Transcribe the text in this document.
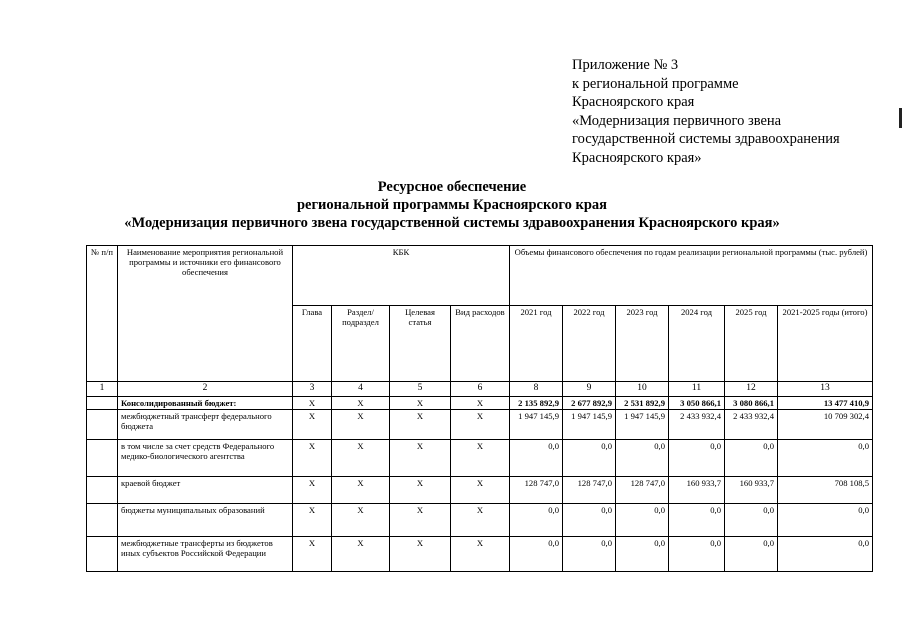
Приложение № 3
к региональной программе
Красноярского края
«Модернизация первичного звена
государственной системы здравоохранения
Красноярского края»
Ресурсное обеспечение
региональной программы Красноярского края
«Модернизация первичного звена государственной системы здравоохранения Красноярского края»
№ п/п	Наименование мероприятия региональной программы и источники его финансового обеспечения	КБК				Объемы финансового обеспечения по годам реализации региональной программы (тыс. рублей)					
		Глава	Раздел/ подраздел	Целевая статья	Вид расходов	2021 год	2022 год	2023 год	2024 год	2025 год	2021-2025 годы (итого)
1	2	3	4	5	6	8	9	10	11	12	13
	Консолидированный бюджет:	X	X	X	X	2 135 892,9	2 677 892,9	2 531 892,9	3 050 866,1	3 080 866,1	13 477 410,9
	межбюджетный трансферт федерального бюджета	X	X	X	X	1 947 145,9	1 947 145,9	1 947 145,9	2 433 932,4	2 433 932,4	10 709 302,4
	в том числе за счет средств Федерального медико-биологического агентства	X	X	X	X	0,0	0,0	0,0	0,0	0,0	0,0
	краевой бюджет	X	X	X	X	128 747,0	128 747,0	128 747,0	160 933,7	160 933,7	708 108,5
	бюджеты муниципальных образований	X	X	X	X	0,0	0,0	0,0	0,0	0,0	0,0
	межбюджетные трансферты из бюджетов иных субъектов Российской Федерации	X	X	X	X	0,0	0,0	0,0	0,0	0,0	0,0
